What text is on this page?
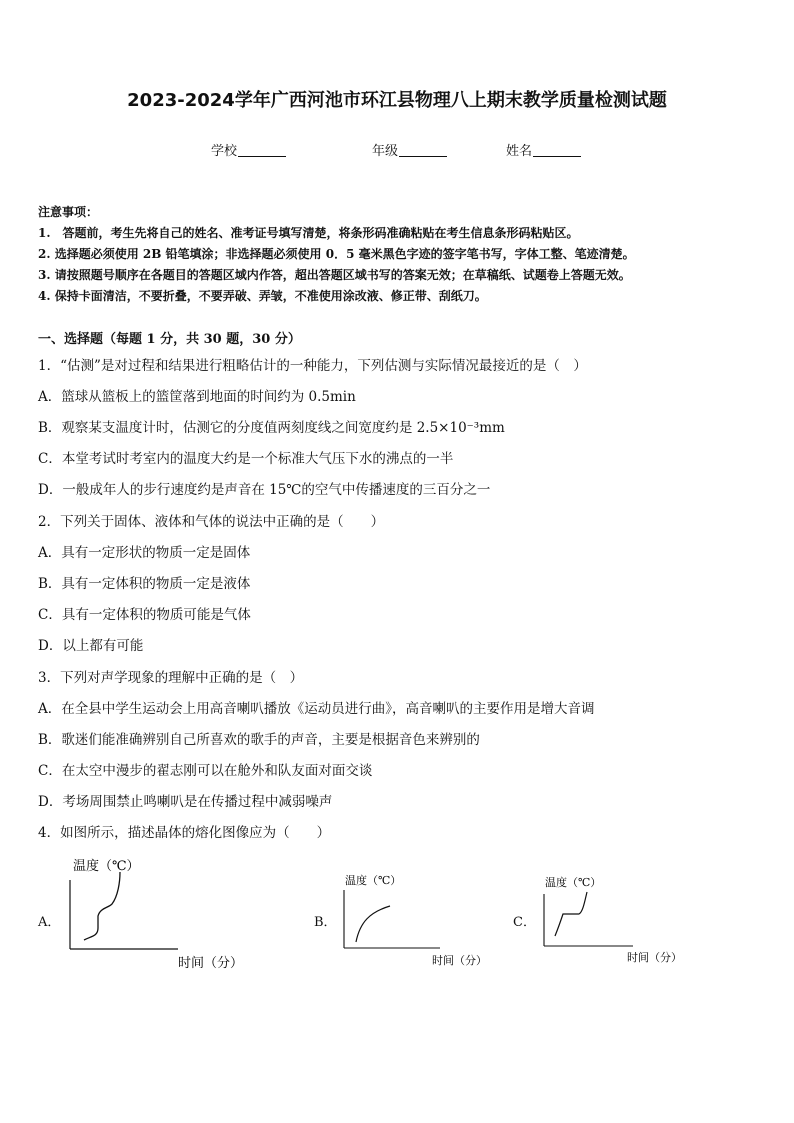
2023-2024学年广西河池市环江县物理八上期末教学质量检测试题
学校	年级	姓名
注意事项：
1.　答题前，考生先将自己的姓名、准考证号填写清楚，将条形码准确粘贴在考生信息条形码粘贴区。
2. 选择题必须使用 2B 铅笔填涂；非选择题必须使用 0．5 毫米黑色字迹的签字笔书写，字体工整、笔迹清楚。
3. 请按照题号顺序在各题目的答题区域内作答，超出答题区域书写的答案无效；在草稿纸、试题卷上答题无效。
4. 保持卡面清洁，不要折叠，不要弄破、弄皱，不准使用涂改液、修正带、刮纸刀。
一、选择题（每题 1 分，共 30 题，30 分）
1．“估测”是对过程和结果进行粗略估计的一种能力，下列估测与实际情况最接近的是（　）
A．篮球从篮板上的篮筐落到地面的时间约为 0.5min
B．观察某支温度计时，估测它的分度值两刻度线之间宽度约是 2.5×10⁻³mm
C．本堂考试时考室内的温度大约是一个标准大气压下水的沸点的一半
D．一般成年人的步行速度约是声音在 15℃的空气中传播速度的三百分之一
2．下列关于固体、液体和气体的说法中正确的是（　　）
A．具有一定形状的物质一定是固体
B．具有一定体积的物质一定是液体
C．具有一定体积的物质可能是气体
D．以上都有可能
3．下列对声学现象的理解中正确的是（　）
A．在全县中学生运动会上用高音喇叭播放《运动员进行曲》，高音喇叭的主要作用是增大音调
B．歌迷们能准确辨别自己所喜欢的歌手的声音，主要是根据音色来辨别的
C．在太空中漫步的翟志刚可以在舱外和队友面对面交谈
D．考场周围禁止鸣喇叭是在传播过程中减弱噪声
4．如图所示，描述晶体的熔化图像应为（　　）
A．
温度（℃）
时间（分）
B．
温度（℃）
时间（分）
C．
温度（℃）
时间（分）
